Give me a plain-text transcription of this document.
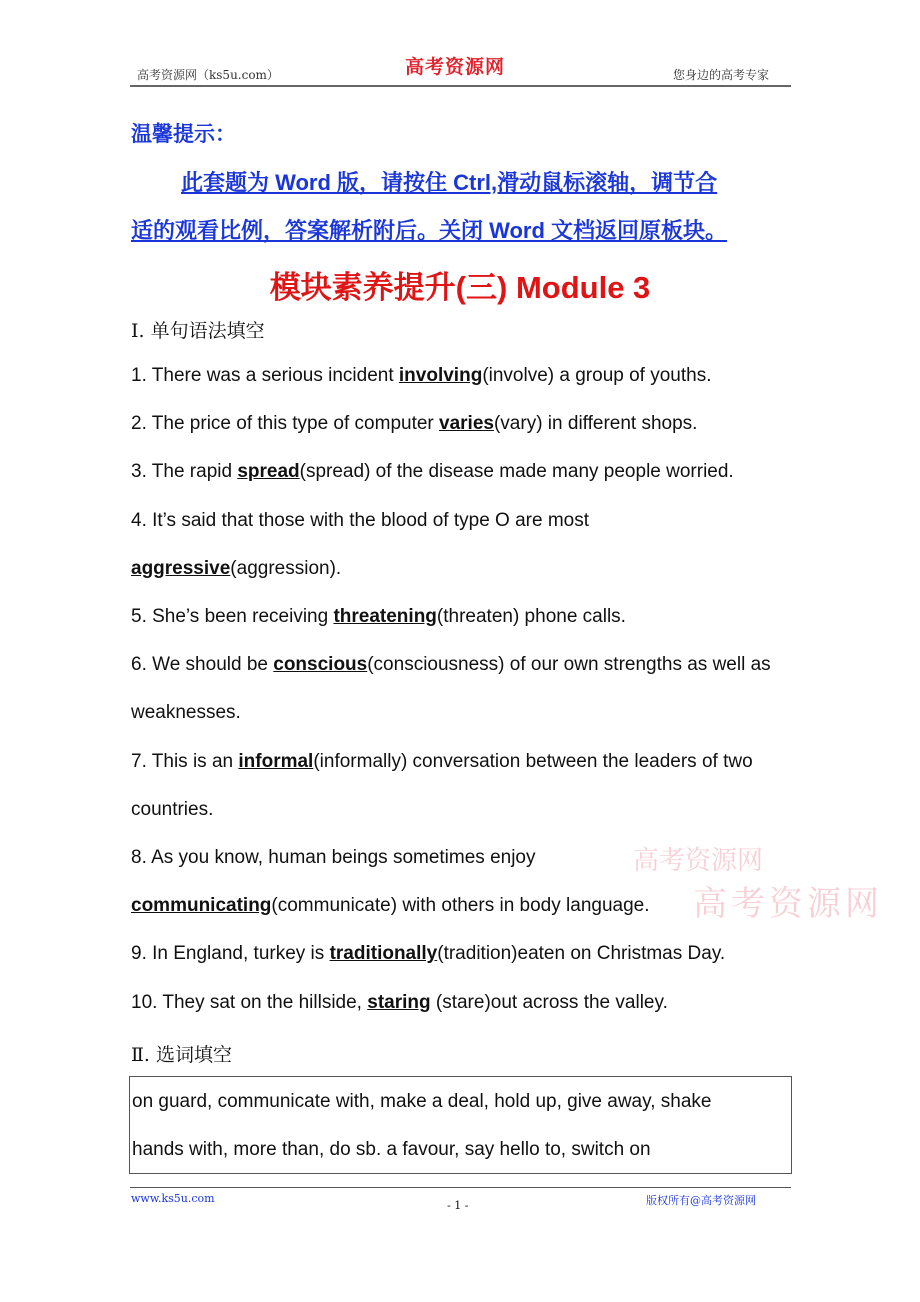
高考资源网（ks5u.com）	高考资源网	您身边的高考专家
温馨提示：
此套题为 Word 版，请按住 Ctrl,滑动鼠标滚轴，调节合
适的观看比例，答案解析附后。关闭 Word 文档返回原板块。
模块素养提升(三) Module 3
Ⅰ. 单句语法填空
1. There was a serious incident involving(involve) a group of youths.
2. The price of this type of computer varies(vary) in different shops.
3. The rapid spread(spread) of the disease made many people worried.
4. It’s said that those with the blood of type O are most
aggressive(aggression).
5. She’s been receiving threatening(threaten) phone calls.
6. We should be conscious(consciousness) of our own strengths as well as
weaknesses.
7. This is an informal(informally) conversation between the leaders of two
countries.
8. As you know, human beings sometimes enjoy
communicating(communicate) with others in body language.
9. In England, turkey is traditionally(tradition)eaten on Christmas Day.
10. They sat on the hillside, staring (stare)out across the valley.
Ⅱ. 选词填空
on guard, communicate with, make a deal, hold up, give away, shake
hands with, more than, do sb. a favour, say hello to, switch on
高考资源网
高考资源网
www.ks5u.com
- 1 -	版权所有@高考资源网
